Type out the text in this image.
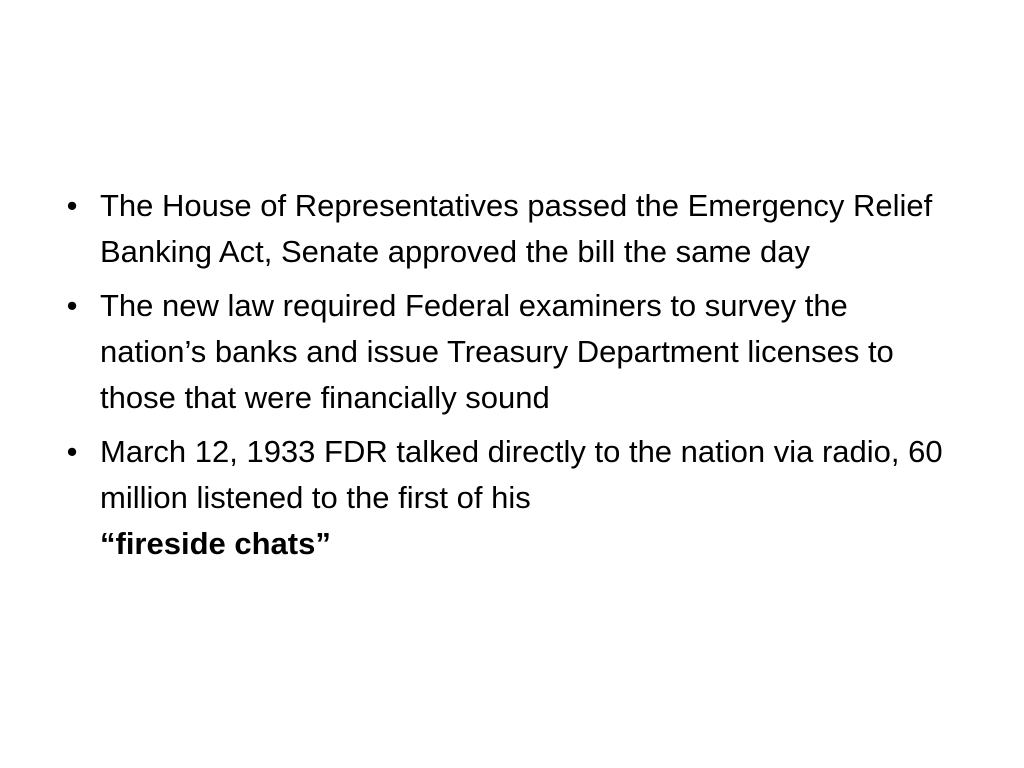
• The House of Representatives passed the Emergency Relief Banking Act, Senate approved the bill the same day
• The new law required Federal examiners to survey the nation’s banks and issue Treasury Department licenses to those that were financially sound
• March 12, 1933 FDR talked directly to the nation via radio, 60 million listened to the first of his
“fireside chats”
